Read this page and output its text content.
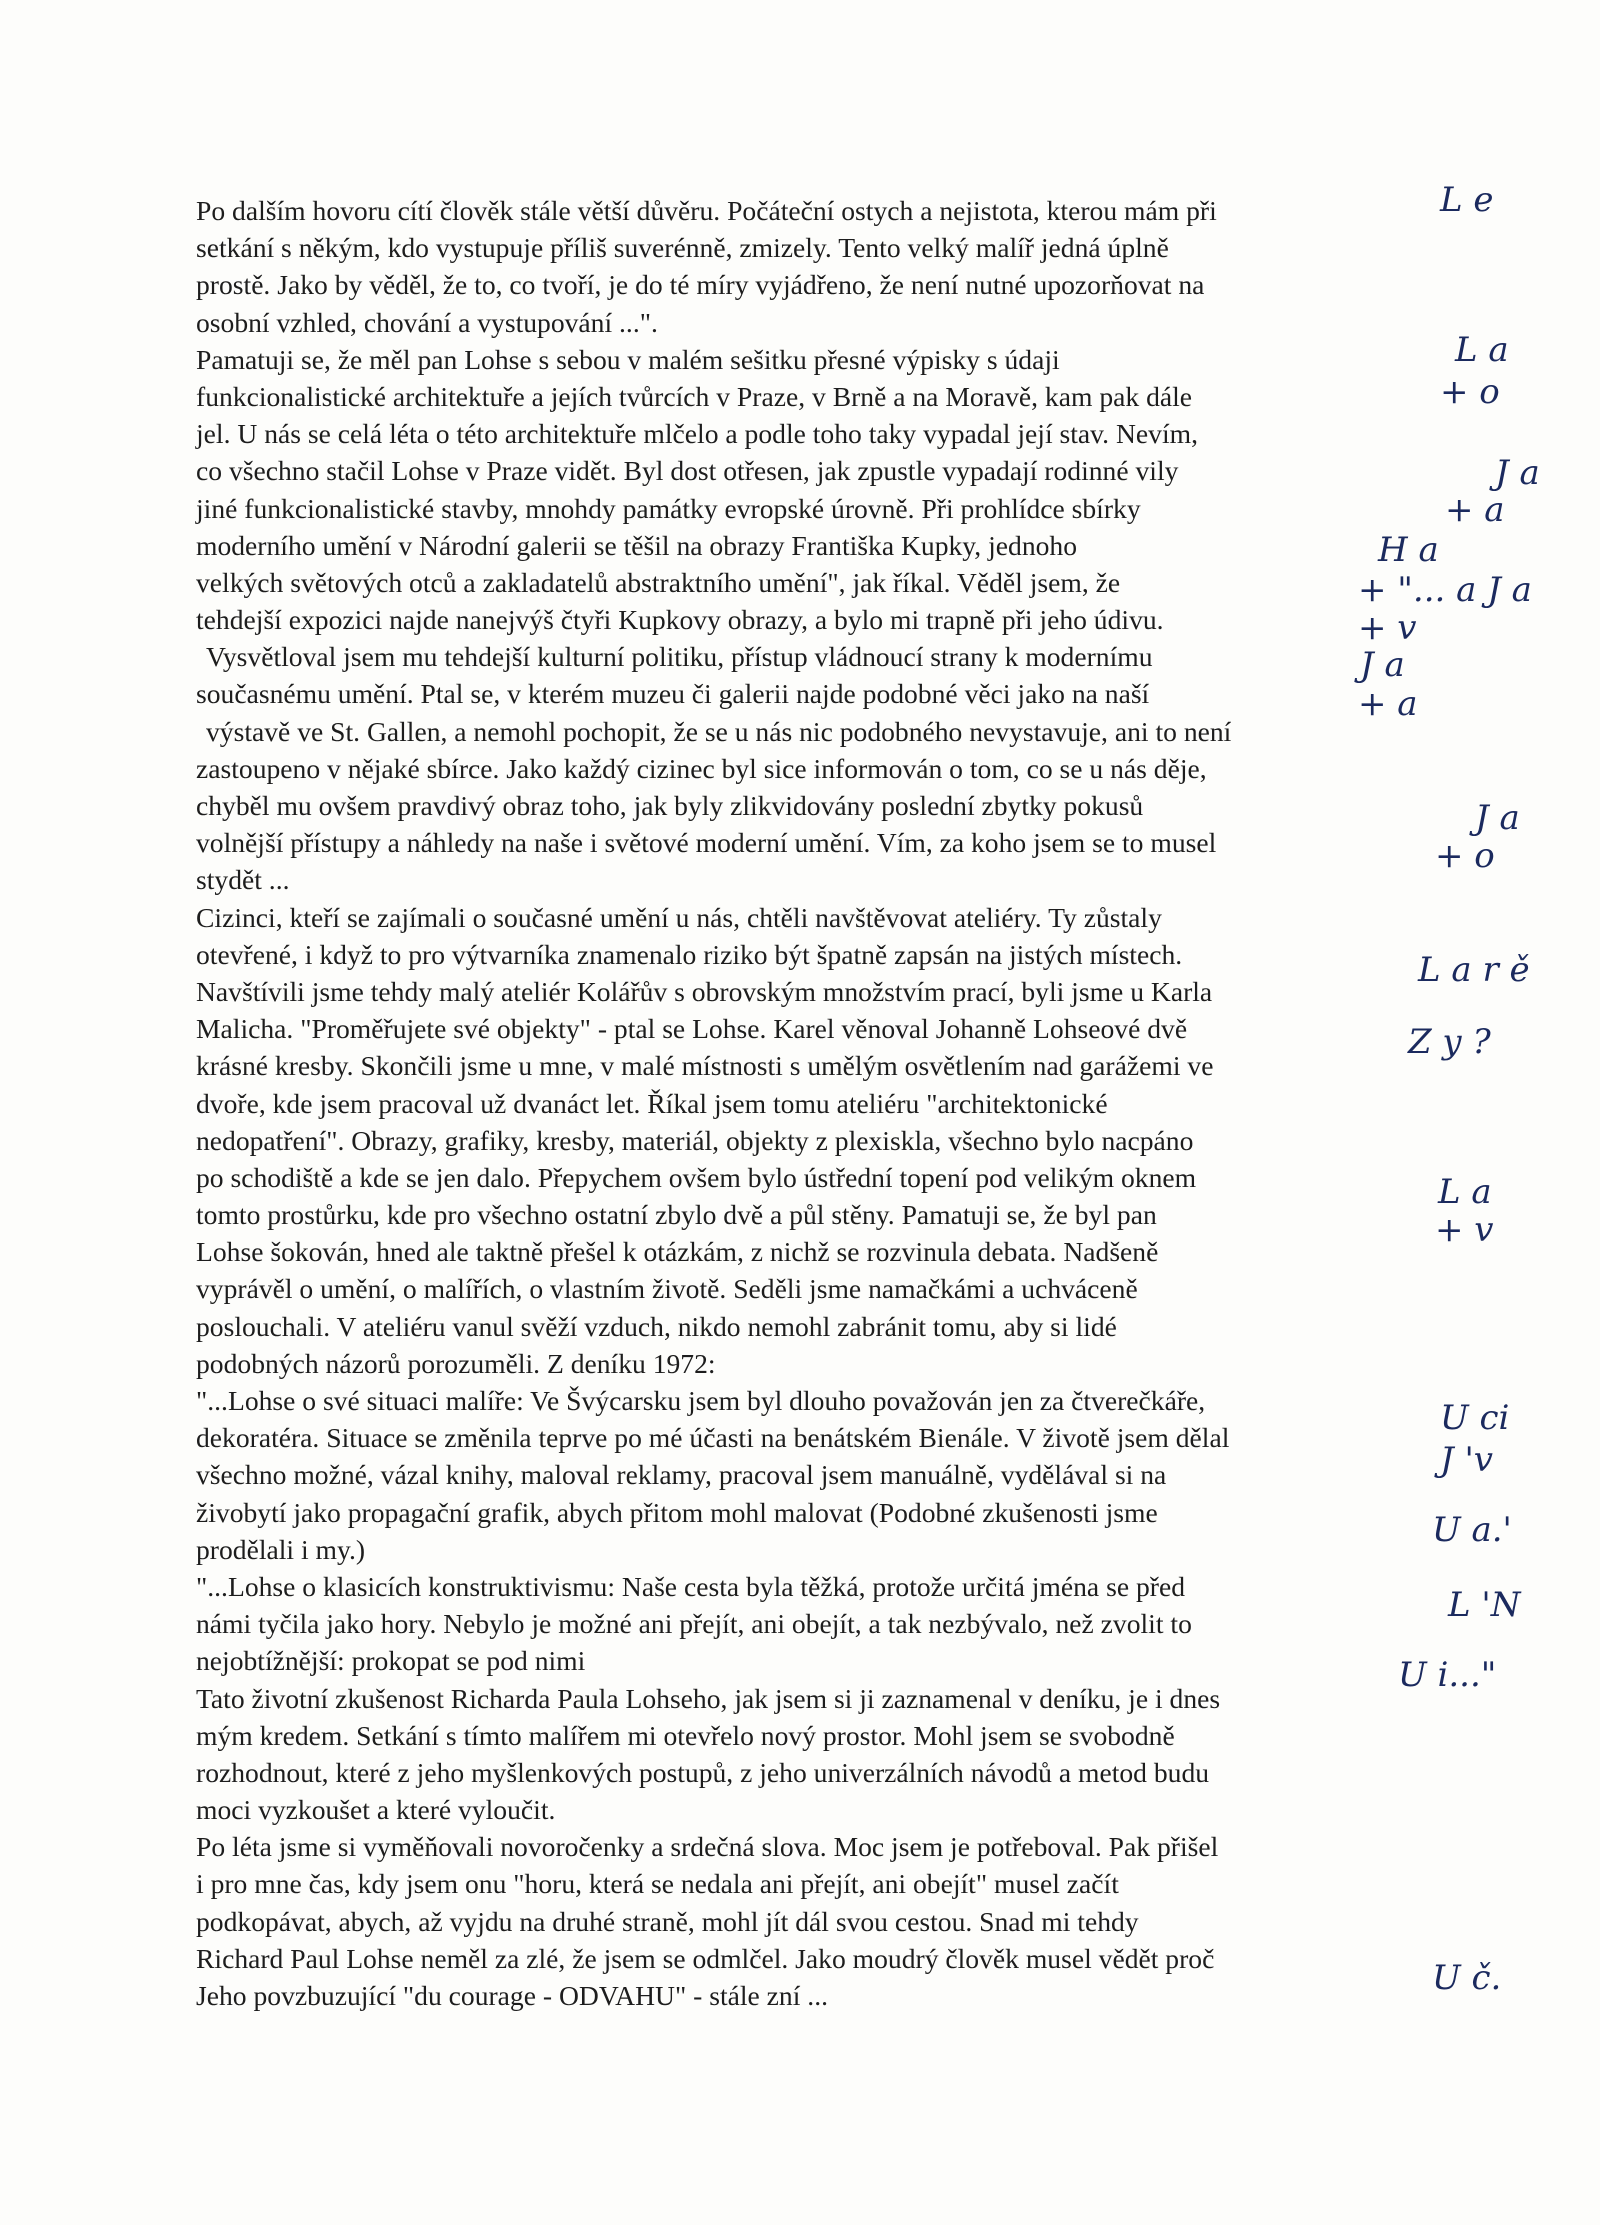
Po dalším hovoru cítí člověk stále větší důvěru. Počáteční ostych a nejistota, kterou mám při
setkání s někým, kdo vystupuje příliš suverénně, zmizely. Tento velký malíř jedná úplně
prostě. Jako by věděl, že to, co tvoří, je do té míry vyjádřeno, že není nutné upozorňovat na
osobní vzhled, chování a vystupování ...".
Pamatuji se, že měl pan Lohse s sebou v malém sešitku přesné výpisky s údaji
funkcionalistické architektuře a jejích tvůrcích v Praze, v Brně a na Moravě, kam pak dále
jel. U nás se celá léta o této architektuře mlčelo a podle toho taky vypadal její stav. Nevím,
co všechno stačil Lohse v Praze vidět. Byl dost otřesen, jak zpustle vypadají rodinné vily
jiné funkcionalistické stavby, mnohdy památky evropské úrovně. Při prohlídce sbírky
moderního umění v Národní galerii se těšil na obrazy Františka Kupky, jednoho
velkých světových otců a zakladatelů abstraktního umění", jak říkal. Věděl jsem, že
tehdejší expozici najde nanejvýš čtyři Kupkovy obrazy, a bylo mi trapně při jeho údivu.
Vysvětloval jsem mu tehdejší kulturní politiku, přístup vládnoucí strany k modernímu
současnému umění. Ptal se, v kterém muzeu či galerii najde podobné věci jako na naší
výstavě ve St. Gallen, a nemohl pochopit, že se u nás nic podobného nevystavuje, ani to není
zastoupeno v nějaké sbírce. Jako každý cizinec byl sice informován o tom, co se u nás děje,
chyběl mu ovšem pravdivý obraz toho, jak byly zlikvidovány poslední zbytky pokusů
volnější přístupy a náhledy na naše i světové moderní umění. Vím, za koho jsem se to musel
stydět ...
Cizinci, kteří se zajímali o současné umění u nás, chtěli navštěvovat ateliéry. Ty zůstaly
otevřené, i když to pro výtvarníka znamenalo riziko být špatně zapsán na jistých místech.
Navštívili jsme tehdy malý ateliér Kolářův s obrovským množstvím prací, byli jsme u Karla
Malicha. "Proměřujete své objekty" - ptal se Lohse. Karel věnoval Johanně Lohseové dvě
krásné kresby. Skončili jsme u mne, v malé místnosti s umělým osvětlením nad garážemi ve
dvoře, kde jsem pracoval už dvanáct let. Říkal jsem tomu ateliéru "architektonické
nedopatření". Obrazy, grafiky, kresby, materiál, objekty z plexiskla, všechno bylo nacpáno
po schodiště a kde se jen dalo. Přepychem ovšem bylo ústřední topení pod velikým oknem
tomto prostůrku, kde pro všechno ostatní zbylo dvě a půl stěny. Pamatuji se, že byl pan
Lohse šokován, hned ale taktně přešel k otázkám, z nichž se rozvinula debata. Nadšeně
vyprávěl o umění, o malířích, o vlastním životě. Seděli jsme namačkámi a uchváceně
poslouchali. V ateliéru vanul svěží vzduch, nikdo nemohl zabránit tomu, aby si lidé
podobných názorů porozuměli. Z deníku 1972:
"...Lohse o své situaci malíře: Ve Švýcarsku jsem byl dlouho považován jen za čtverečkáře,
dekoratéra. Situace se změnila teprve po mé účasti na benátském Bienále. V životě jsem dělal
všechno možné, vázal knihy, maloval reklamy, pracoval jsem manuálně, vydělával si na
živobytí jako propagační grafik, abych přitom mohl malovat (Podobné zkušenosti jsme
prodělali i my.)
"...Lohse o klasicích konstruktivismu: Naše cesta byla těžká, protože určitá jména se před
námi tyčila jako hory. Nebylo je možné ani přejít, ani obejít, a tak nezbývalo, než zvolit to
nejobtížnější: prokopat se pod nimi
Tato životní zkušenost Richarda Paula Lohseho, jak jsem si ji zaznamenal v deníku, je i dnes
mým kredem. Setkání s tímto malířem mi otevřelo nový prostor. Mohl jsem se svobodně
rozhodnout, které z jeho myšlenkových postupů, z jeho univerzálních návodů a metod budu
moci vyzkoušet a které vyloučit.
Po léta jsme si vyměňovali novoročenky a srdečná slova. Moc jsem je potřeboval. Pak přišel
i pro mne čas, kdy jsem onu "horu, která se nedala ani přejít, ani obejít" musel začít
podkopávat, abych, až vyjdu na druhé straně, mohl jít dál svou cestou. Snad mi tehdy
Richard Paul Lohse neměl za zlé, že jsem se odmlčel. Jako moudrý člověk musel vědět proč
Jeho povzbuzující "du courage - ODVAHU" - stále zní ...
L e
L a
+ o
J a
+ a
H a
+ "... a J a
+ v
J a
+ a
J a
+ o
L a r ě
Z y ?
L a
+ v
U ci
J 'v
U a.'
L 'N
U i..."
U č.
